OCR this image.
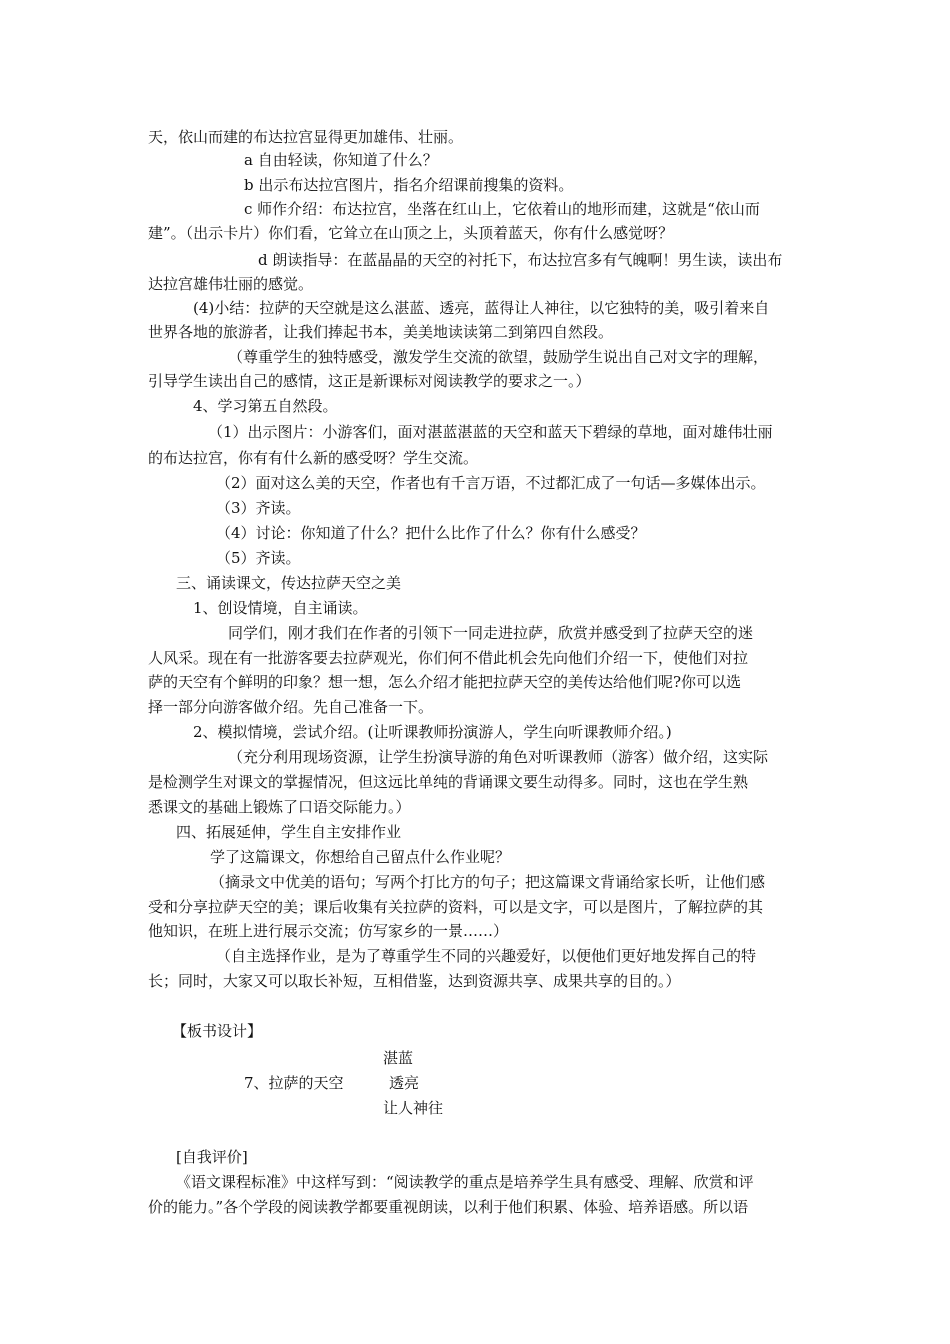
天，依山而建的布达拉宫显得更加雄伟、壮丽。
a 自由轻读，你知道了什么？
b 出示布达拉宫图片，指名介绍课前搜集的资料。
c 师作介绍：布达拉宫，坐落在红山上，它依着山的地形而建，这就是“依山而
建”。（出示卡片）你们看，它耸立在山顶之上，头顶着蓝天，你有什么感觉呀？
d 朗读指导：在蓝晶晶的天空的衬托下，布达拉宫多有气魄啊！男生读，读出布
达拉宫雄伟壮丽的感觉。
(4)小结：拉萨的天空就是这么湛蓝、透亮，蓝得让人神往，以它独特的美，吸引着来自
世界各地的旅游者，让我们捧起书本，美美地读读第二到第四自然段。
（尊重学生的独特感受，激发学生交流的欲望，鼓励学生说出自己对文字的理解，
引导学生读出自己的感情，这正是新课标对阅读教学的要求之一。）
4、学习第五自然段。
（1）出示图片：小游客们，面对湛蓝湛蓝的天空和蓝天下碧绿的草地，面对雄伟壮丽
的布达拉宫，你有有什么新的感受呀？学生交流。
（2）面对这么美的天空，作者也有千言万语，不过都汇成了一句话—多媒体出示。
（3）齐读。
（4）讨论：你知道了什么？把什么比作了什么？你有什么感受？
（5）齐读。
三、诵读课文，传达拉萨天空之美
1、创设情境，自主诵读。
同学们，刚才我们在作者的引领下一同走进拉萨，欣赏并感受到了拉萨天空的迷
人风采。现在有一批游客要去拉萨观光，你们何不借此机会先向他们介绍一下，使他们对拉
萨的天空有个鲜明的印象？想一想，怎么介绍才能把拉萨天空的美传达给他们呢?你可以选
择一部分向游客做介绍。先自己准备一下。
2、模拟情境，尝试介绍。(让听课教师扮演游人，学生向听课教师介绍。)
（充分利用现场资源，让学生扮演导游的角色对听课教师（游客）做介绍，这实际
是检测学生对课文的掌握情况，但这远比单纯的背诵课文要生动得多。同时，这也在学生熟
悉课文的基础上锻炼了口语交际能力。）
四、拓展延伸，学生自主安排作业
学了这篇课文，你想给自己留点什么作业呢？
（摘录文中优美的语句；写两个打比方的句子；把这篇课文背诵给家长听，让他们感
受和分享拉萨天空的美；课后收集有关拉萨的资料，可以是文字，可以是图片，了解拉萨的其
他知识，在班上进行展示交流；仿写家乡的一景……）
（自主选择作业，是为了尊重学生不同的兴趣爱好，以便他们更好地发挥自己的特
长；同时，大家又可以取长补短，互相借鉴，达到资源共享、成果共享的目的。）
【板书设计】
湛蓝
7、拉萨的天空	透亮
让人神往
[自我评价]
《语文课程标准》中这样写到：“阅读教学的重点是培养学生具有感受、理解、欣赏和评
价的能力。”各个学段的阅读教学都要重视朗读，以利于他们积累、体验、培养语感。所以语
